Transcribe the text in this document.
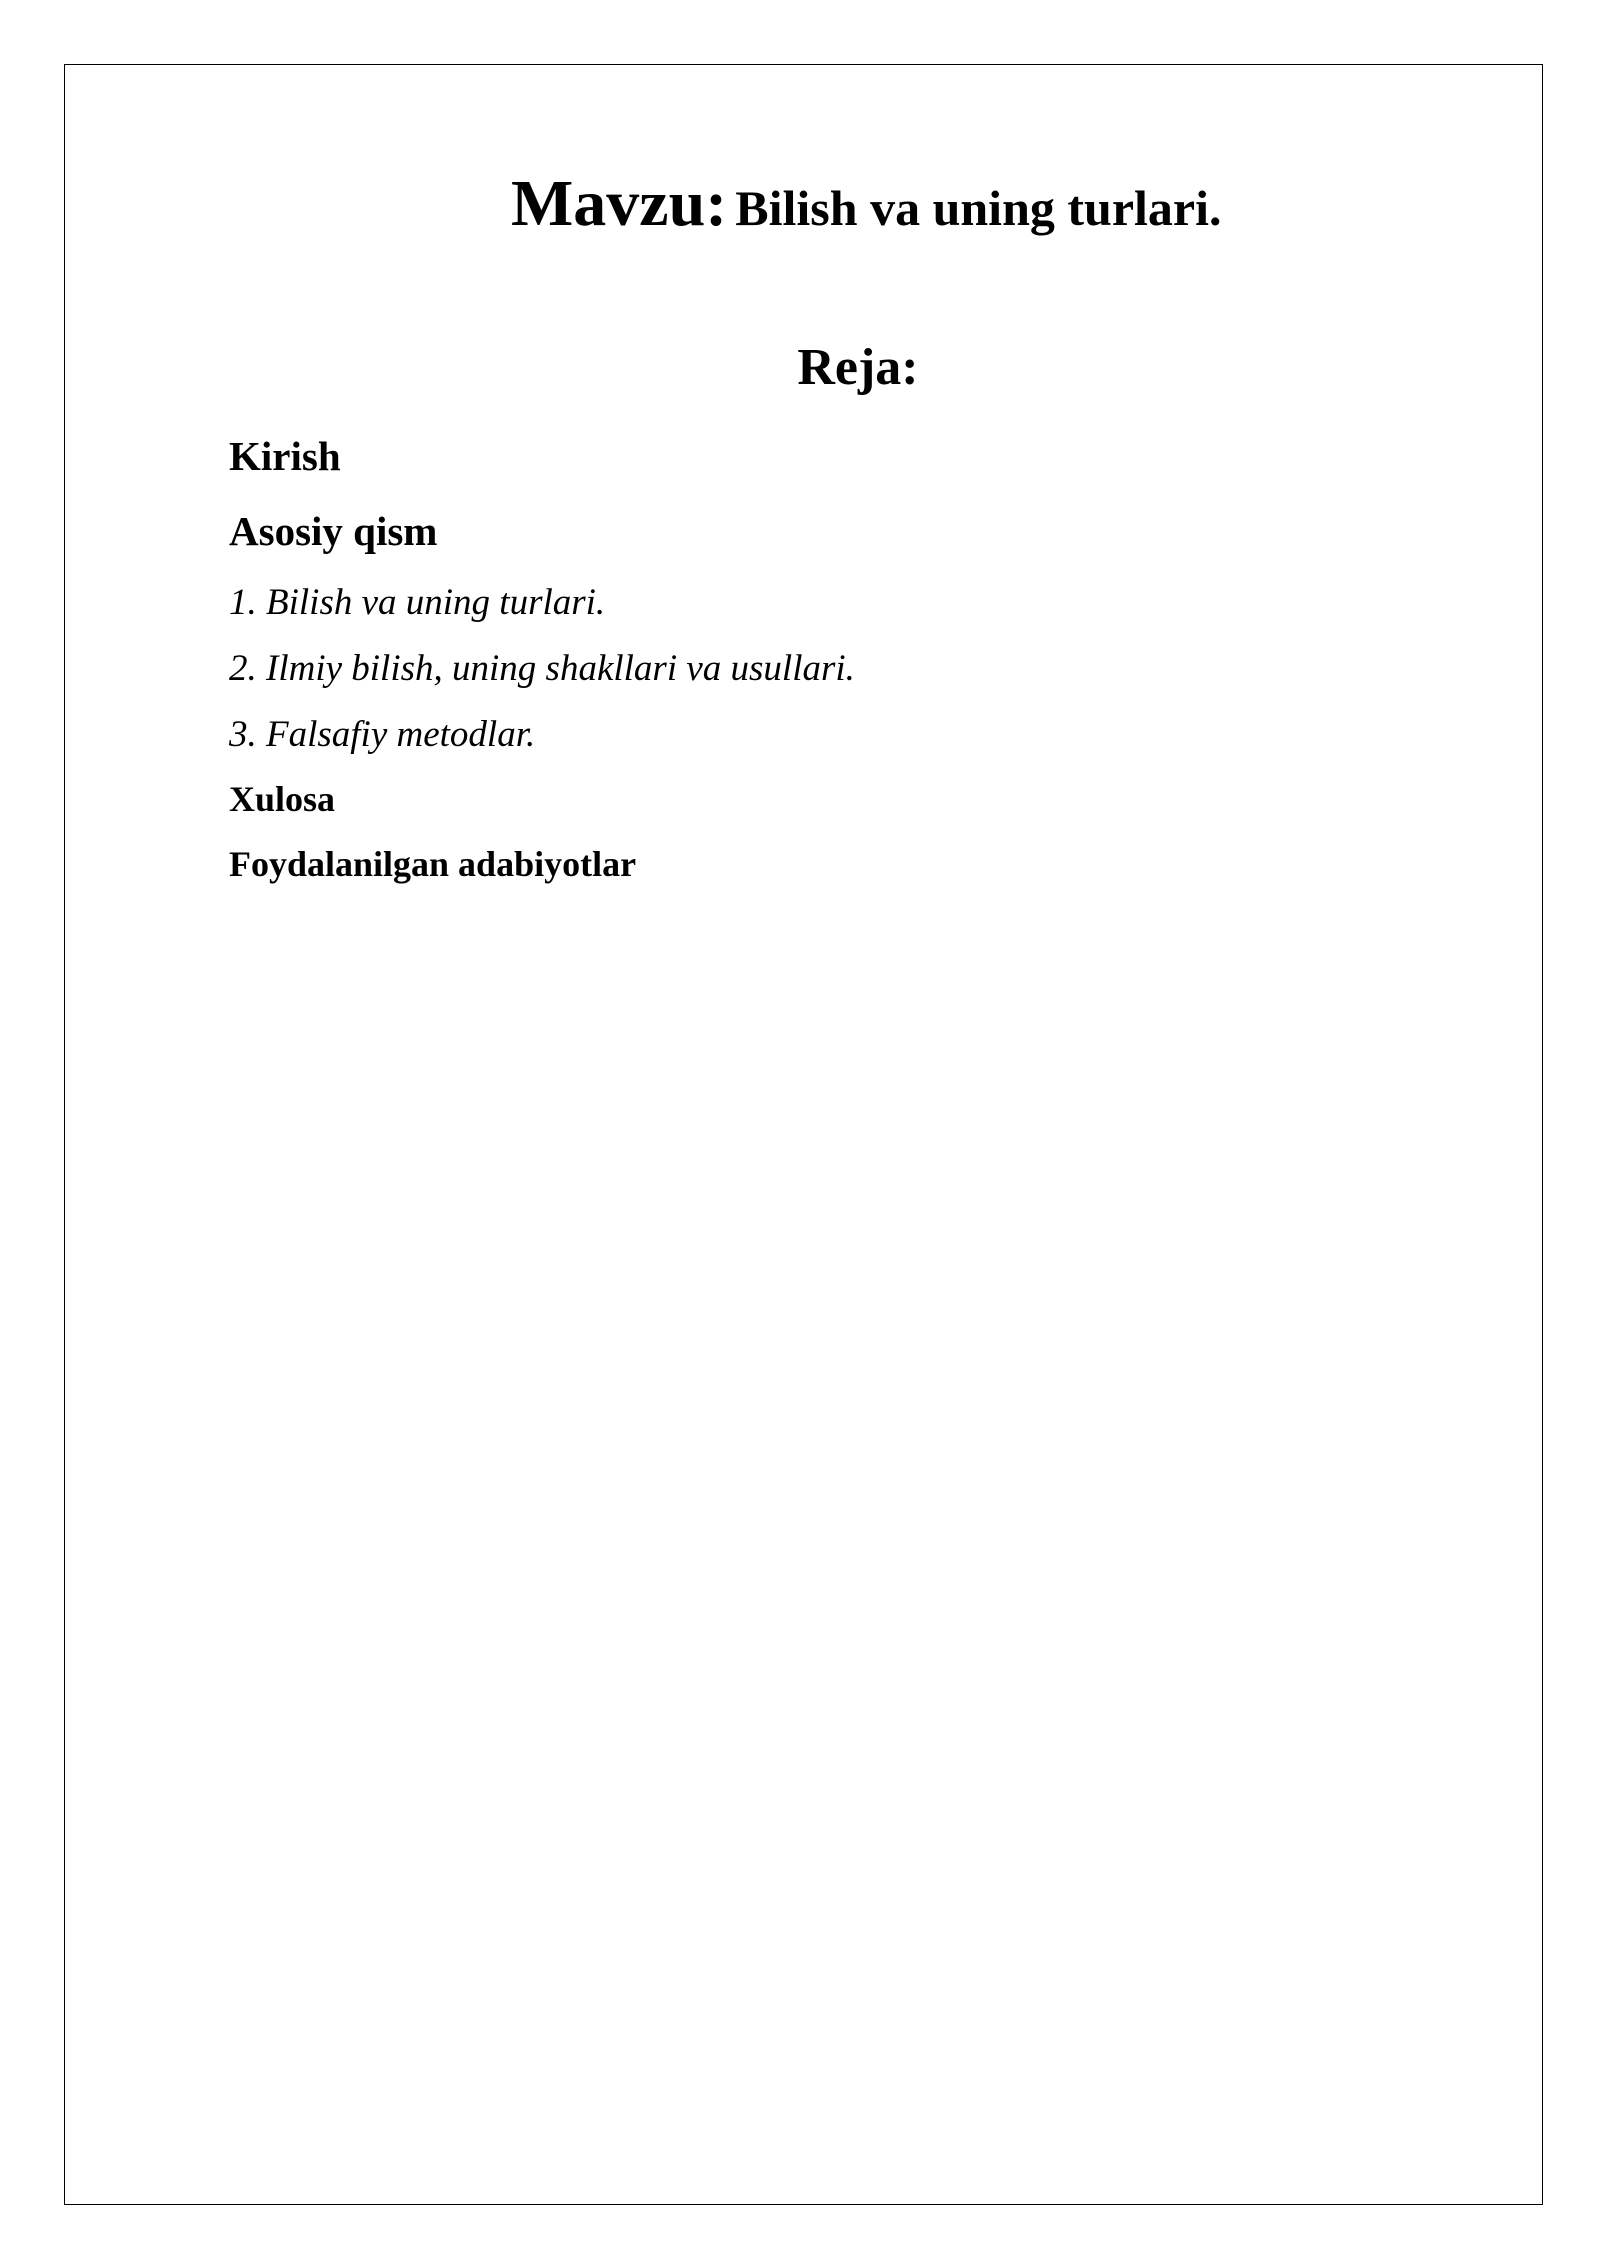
Mavzu: Bilish va uning turlari.
Reja:
Kirish
Asosiy qism
1. Bilish va uning turlari.
2. Ilmiy bilish, uning shakllari va usullari.
3. Falsafiy metodlar.
Xulosa
Foydalanilgan adabiyotlar
